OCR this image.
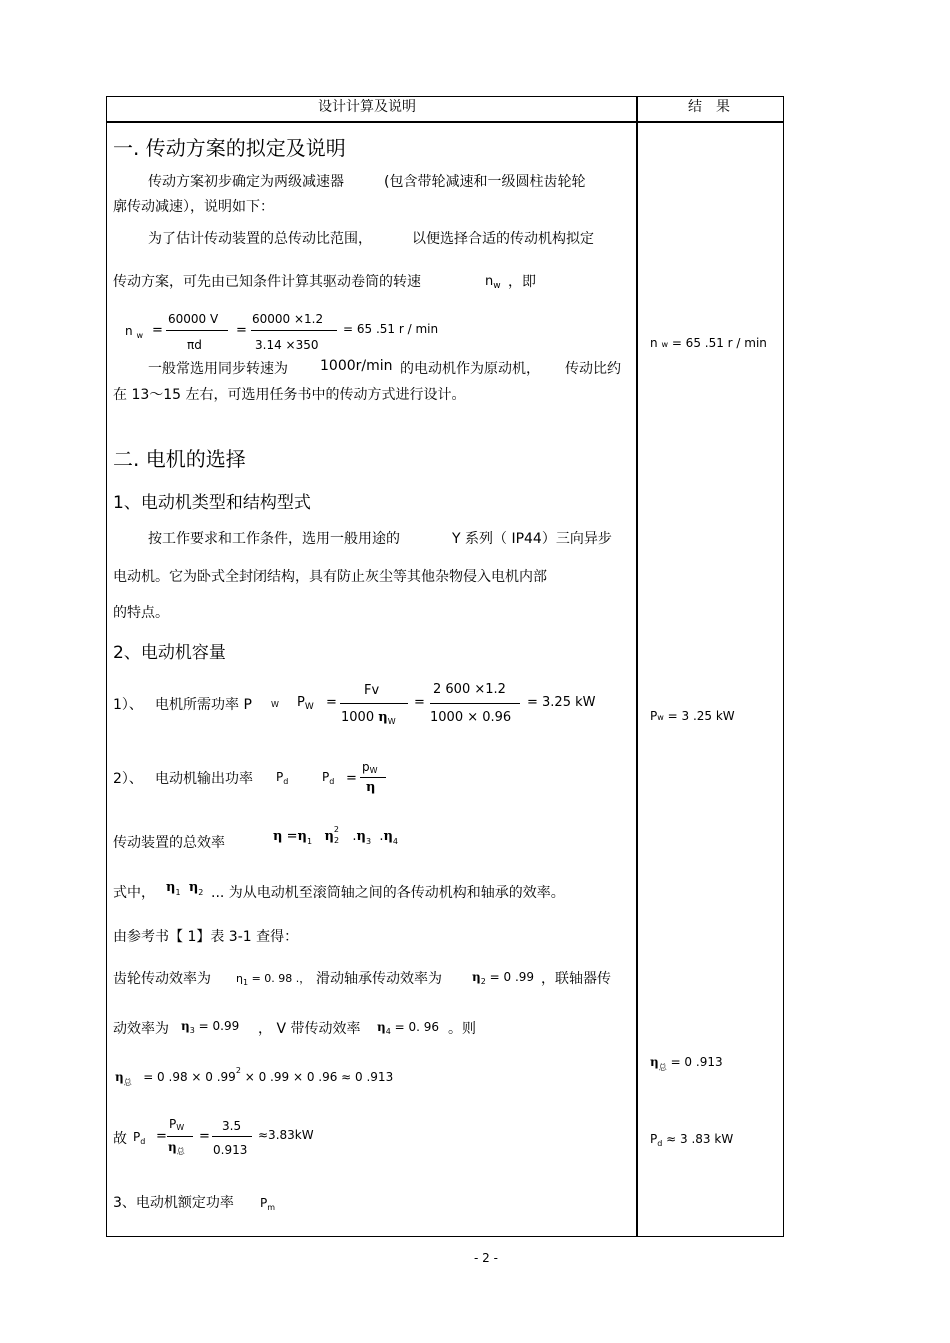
设计计算及说明	结　果
一. 传动方案的拟定及说明
传动方案初步确定为两级减速器	(包含带轮减速和一级圆柱齿轮轮
廓传动减速），说明如下：
为了估计传动装置的总传动比范围，	以便选择合适的传动机构拟定
传动方案，可先由已知条件计算其驱动卷筒的转速	$n_w$ ，即
n $_w$ =
60000 V
πd
=
60000 ×1.2
3.14 ×350
= 65 .51 r / min
一般常选用同步转速为 1000r/min 的电动机作为原动机， 传动比约
在 13～15 左右，可选用任务书中的传动方式进行设计。
n w = 65 .51 r / min
二. 电机的选择
1、电动机类型和结构型式
按工作要求和工作条件，选用一般用途的	Y 系列（ IP44）三向异步
电动机。它为卧式全封闭结构，具有防止灰尘等其他杂物侵入电机内部
的特点。
2、电动机容量
1）、 电机所需功率 P W $P_W$ =
Fv
1000 $\eta_W$
=
2 600 ×1.2
1000 × 0.96
= 3.25 kW
Pw = 3 .25 kW
2）、 电动机输出功率 $P_d$	$P_d$ =
pW
η
传动装置的总效率	$\eta =\eta_1$ η22 $.\eta_3$ $.\eta_4$
式中， $\eta_1$ $\eta_2$ ... 为从电动机至滚筒轴之间的各传动机构和轴承的效率。
由参考书【 1】表 3-1 查得：
齿轮传动效率为 $\eta_1 = 0$. 98 .， 滑动轴承传动效率为	$\eta_2 = 0$ .99 ，联轴器传
动效率为 $\eta_3 = 0.99$ ， V 带传动效率 $\eta_4 = 0$. 96 。则
$\eta_总 = 0$ .98 × 0 $.99^2 \times 0$ .99 × 0 .96 ≈ 0 .913
$\eta_总 = 0$ .913
故 $P_d$ =
PW
$\eta_总$
=
3.5
0.913
≈3.83kW	$P_d \approx 3$ .83 kW
3、电动机额定功率 $P_m$
- 2 -
